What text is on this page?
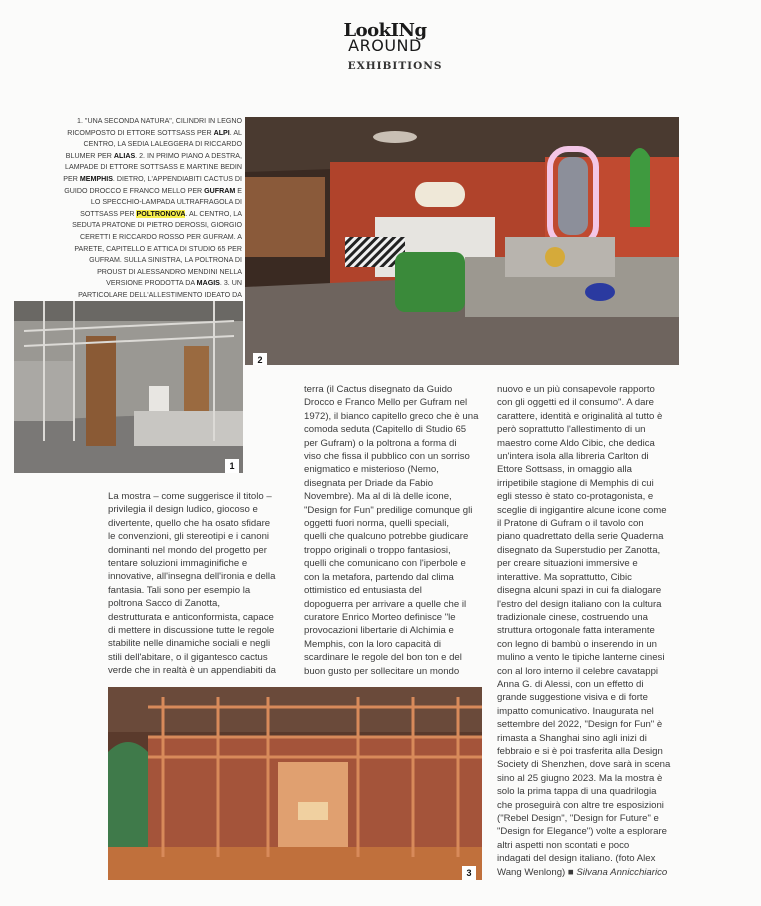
LookINg
AROUND
EXHIBITIONS
1. "UNA SECONDA NATURA", CILINDRI IN LEGNO RICOMPOSTO DI ETTORE SOTTSASS PER ALPI. AL CENTRO, LA SEDIA LALEGGERA DI RICCARDO BLUMER PER ALIAS. 2. IN PRIMO PIANO A DESTRA, LAMPADE DI ETTORE SOTTSASS E MARTINE BEDIN PER MEMPHIS. DIETRO, L'APPENDIABITI CACTUS DI GUIDO DROCCO E FRANCO MELLO PER GUFRAM E LO SPECCHIO-LAMPADA ULTRAFRAGOLA DI SOTTSASS PER POLTRONOVA. AL CENTRO, LA SEDUTA PRATONE DI PIETRO DEROSSI, GIORGIO CERETTI E RICCARDO ROSSO PER GUFRAM. A PARETE, CAPITELLO E ATTICA DI STUDIO 65 PER GUFRAM. SULLA SINISTRA, LA POLTRONA DI PROUST DI ALESSANDRO MENDINI NELLA VERSIONE PRODOTTA DA MAGIS. 3. UN PARTICOLARE DELL'ALLESTIMENTO IDEATO DA
2
1
3
La mostra – come suggerisce il titolo –
privilegia il design ludico, giocoso e
divertente, quello che ha osato sfidare
le convenzioni, gli stereotipi e i canoni
dominanti nel mondo del progetto per
tentare soluzioni immaginifiche e
innovative, all'insegna dell'ironia e della
fantasia. Tali sono per esempio la
poltrona Sacco di Zanotta,
destrutturata e anticonformista, capace
di mettere in discussione tutte le regole
stabilite nelle dinamiche sociali e negli
stili dell'abitare, o il gigantesco cactus
verde che in realtà è un appendiabiti da
terra (il Cactus disegnato da Guido
Drocco e Franco Mello per Gufram nel
1972), il bianco capitello greco che è una
comoda seduta (Capitello di Studio 65
per Gufram) o la poltrona a forma di
viso che fissa il pubblico con un sorriso
enigmatico e misterioso (Nemo,
disegnata per Driade da Fabio
Novembre). Ma al di là delle icone,
"Design for Fun" predilige comunque gli
oggetti fuori norma, quelli speciali,
quelli che qualcuno potrebbe giudicare
troppo originali o troppo fantasiosi,
quelli che comunicano con l'iperbole e
con la metafora, partendo dal clima
ottimistico ed entusiasta del
dopoguerra per arrivare a quelle che il
curatore Enrico Morteo definisce "le
provocazioni libertarie di Alchimia e
Memphis, con la loro capacità di
scardinare le regole del bon ton e del
buon gusto per sollecitare un mondo
nuovo e un più consapevole rapporto
con gli oggetti ed il consumo". A dare
carattere, identità e originalità al tutto è
però soprattutto l'allestimento di un
maestro come Aldo Cibic, che dedica
un'intera isola alla libreria Carlton di
Ettore Sottsass, in omaggio alla
irripetibile stagione di Memphis di cui
egli stesso è stato co-protagonista, e
sceglie di ingigantire alcune icone come
il Pratone di Gufram o il tavolo con
piano quadrettato della serie Quaderna
disegnato da Superstudio per Zanotta,
per creare situazioni immersive e
interattive. Ma soprattutto, Cibic
disegna alcuni spazi in cui fa dialogare
l'estro del design italiano con la cultura
tradizionale cinese, costruendo una
struttura ortogonale fatta interamente
con legno di bambù o inserendo in un
mulino a vento le tipiche lanterne cinesi
con al loro interno il celebre cavatappi
Anna G. di Alessi, con un effetto di
grande suggestione visiva e di forte
impatto comunicativo. Inaugurata nel
settembre del 2022, "Design for Fun" è
rimasta a Shanghai sino agli inizi di
febbraio e si è poi trasferita alla Design
Society di Shenzhen, dove sarà in scena
sino al 25 giugno 2023. Ma la mostra è
solo la prima tappa di una quadrilogia
che proseguirà con altre tre esposizioni
("Rebel Design", "Design for Future" e
"Design for Elegance") volte a esplorare
altri aspetti non scontati e poco
indagati del design italiano. (foto Alex
Wang Wenlong) ■ Silvana Annicchiarico
